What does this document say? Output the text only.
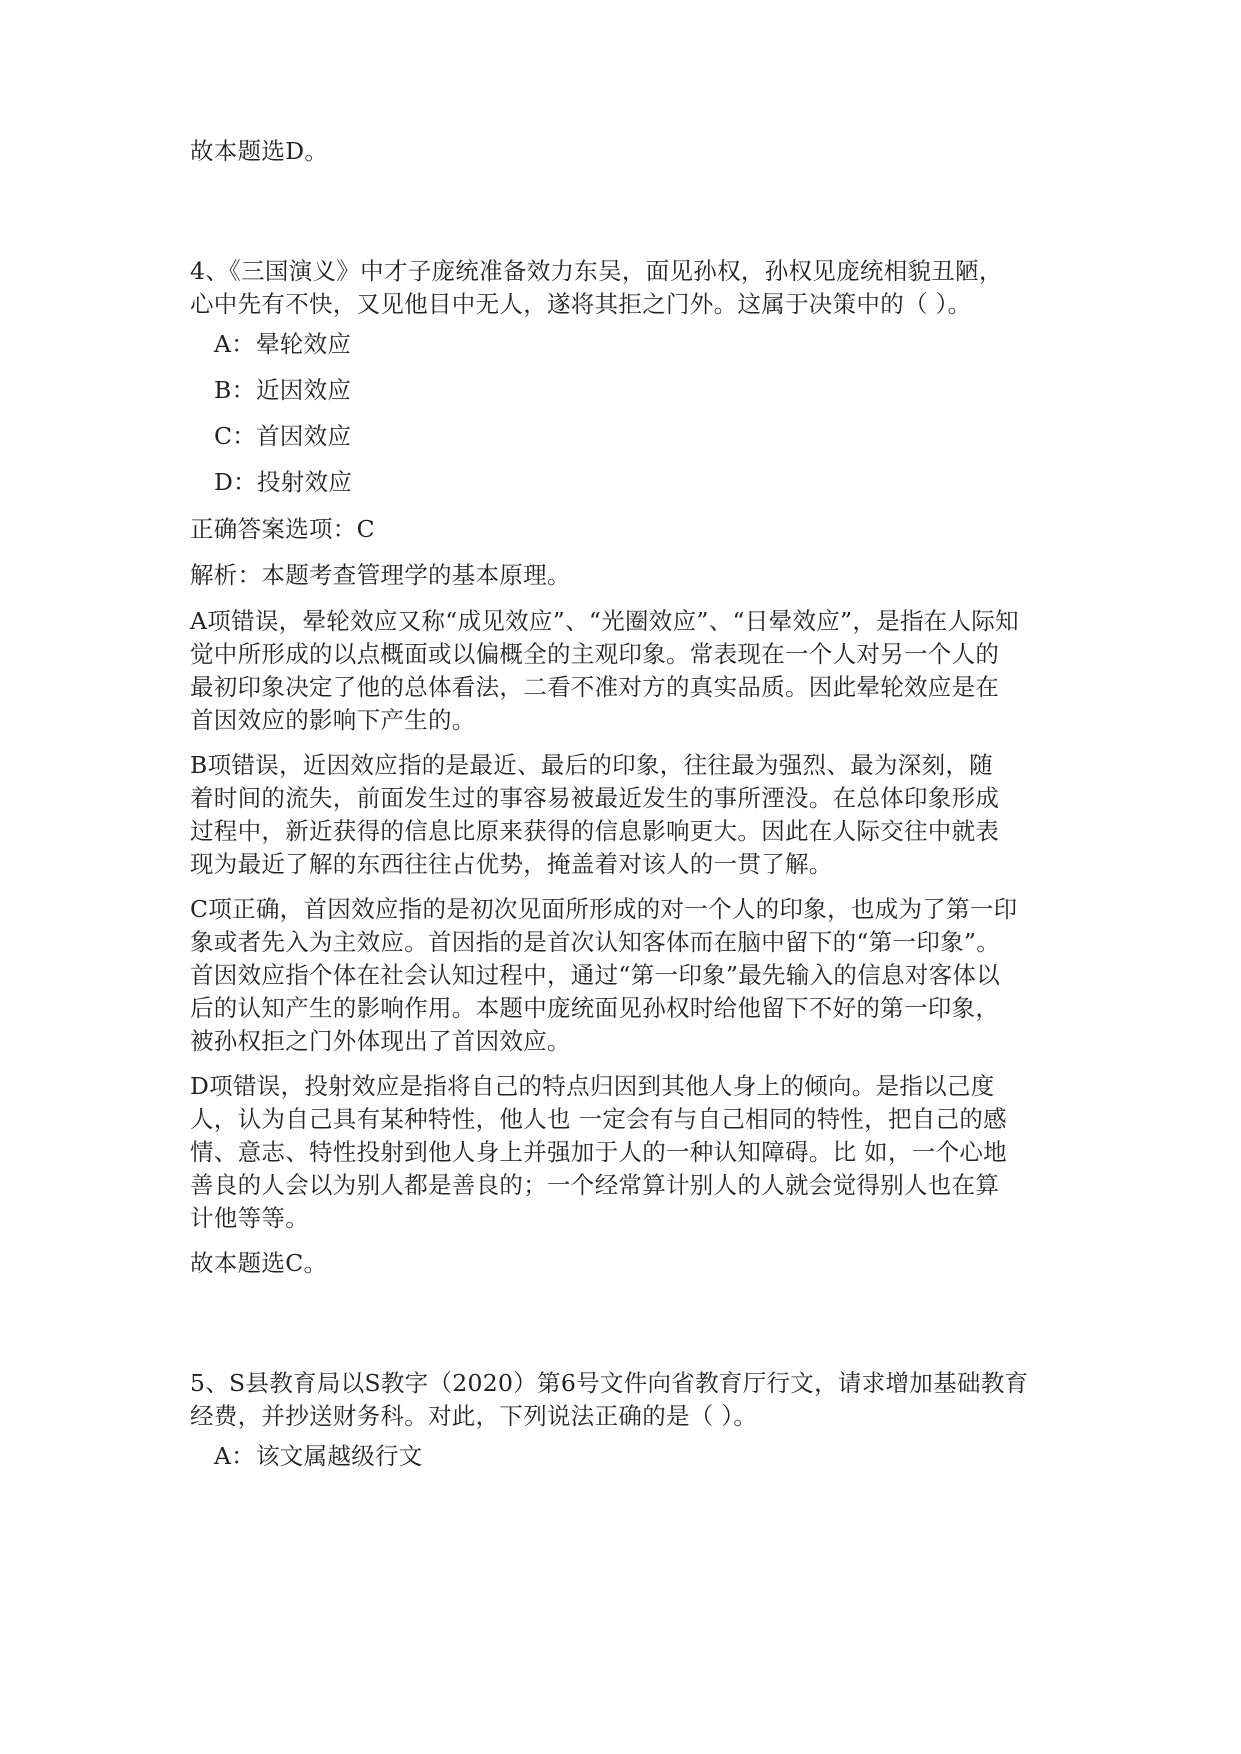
故本题选D。
4、《三国演义》中才子庞统准备效力东吴，面见孙权，孙权见庞统相貌丑陋，
心中先有不快，又见他目中无人，遂将其拒之门外。这属于决策中的（ ）。
A：晕轮效应
B：近因效应
C：首因效应
D：投射效应
正确答案选项：C
解析：本题考查管理学的基本原理。
A项错误，晕轮效应又称“成见效应”、“光圈效应”、“日晕效应”，是指在人际知
觉中所形成的以点概面或以偏概全的主观印象。常表现在一个人对另一个人的
最初印象决定了他的总体看法，二看不准对方的真实品质。因此晕轮效应是在
首因效应的影响下产生的。
B项错误，近因效应指的是最近、最后的印象，往往最为强烈、最为深刻，随
着时间的流失，前面发生过的事容易被最近发生的事所湮没。在总体印象形成
过程中，新近获得的信息比原来获得的信息影响更大。因此在人际交往中就表
现为最近了解的东西往往占优势，掩盖着对该人的一贯了解。
C项正确，首因效应指的是初次见面所形成的对一个人的印象，也成为了第一印
象或者先入为主效应。首因指的是首次认知客体而在脑中留下的“第一印象”。
首因效应指个体在社会认知过程中，通过“第一印象”最先输入的信息对客体以
后的认知产生的影响作用。本题中庞统面见孙权时给他留下不好的第一印象，
被孙权拒之门外体现出了首因效应。
D项错误，投射效应是指将自己的特点归因到其他人身上的倾向。是指以己度
人，认为自己具有某种特性，他人也 一定会有与自己相同的特性，把自己的感
情、意志、特性投射到他人身上并强加于人的一种认知障碍。比 如，一个心地
善良的人会以为别人都是善良的；一个经常算计别人的人就会觉得别人也在算
计他等等。
故本题选C。
5、S县教育局以S教字（2020）第6号文件向省教育厅行文，请求增加基础教育
经费，并抄送财务科。对此，下列说法正确的是（ ）。
A：该文属越级行文
